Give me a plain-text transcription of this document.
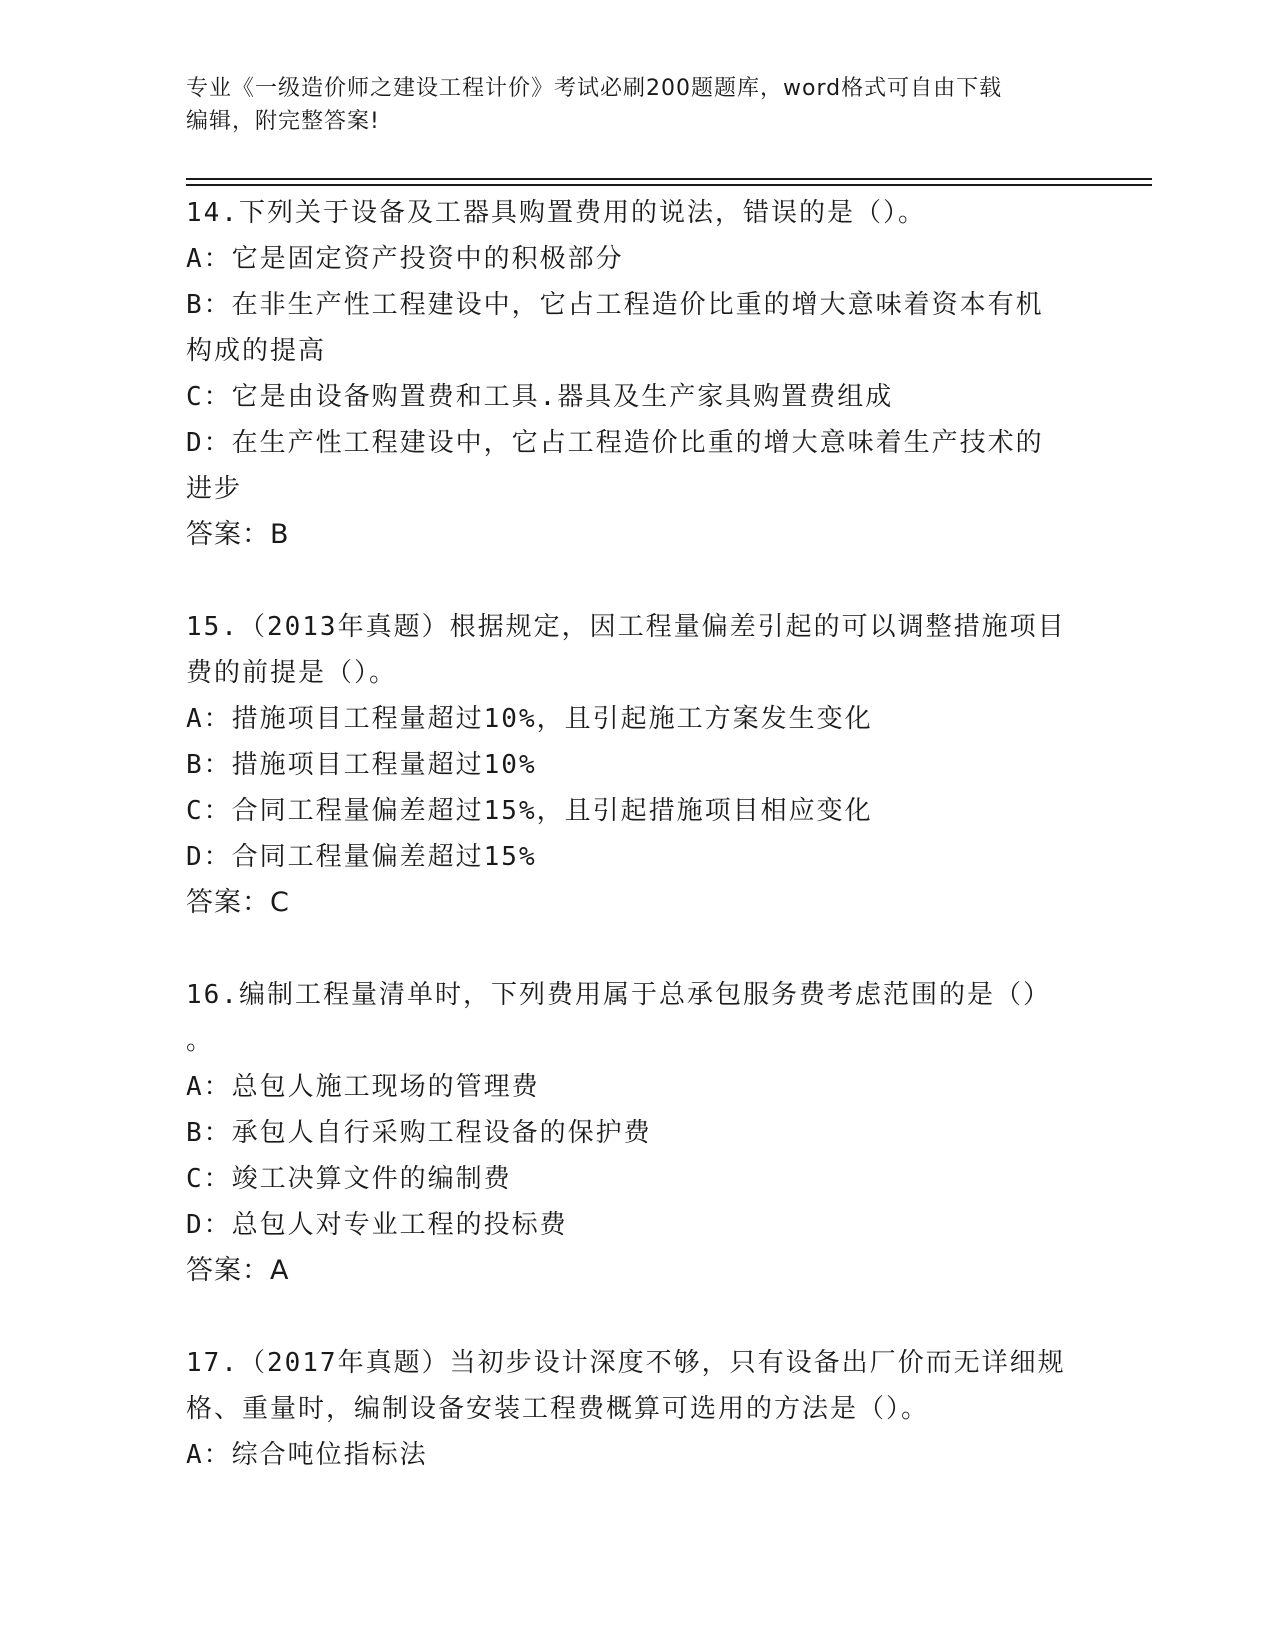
专业《一级造价师之建设工程计价》考试必刷200题题库，word格式可自由下载
编辑，附完整答案!
14.下列关于设备及工器具购置费用的说法，错误的是（）。
A：它是固定资产投资中的积极部分
B：在非生产性工程建设中，它占工程造价比重的增大意味着资本有机
构成的提高
C：它是由设备购置费和工具.器具及生产家具购置费组成
D：在生产性工程建设中，它占工程造价比重的增大意味着生产技术的
进步
答案：B
15.（2013年真题）根据规定，因工程量偏差引起的可以调整措施项目
费的前提是（）。
A：措施项目工程量超过10%，且引起施工方案发生变化
B：措施项目工程量超过10%
C：合同工程量偏差超过15%，且引起措施项目相应变化
D：合同工程量偏差超过15%
答案：C
16.编制工程量清单时，下列费用属于总承包服务费考虑范围的是（）
。
A：总包人施工现场的管理费
B：承包人自行采购工程设备的保护费
C：竣工决算文件的编制费
D：总包人对专业工程的投标费
答案：A
17.（2017年真题）当初步设计深度不够，只有设备出厂价而无详细规
格、重量时，编制设备安装工程费概算可选用的方法是（）。
A：综合吨位指标法
